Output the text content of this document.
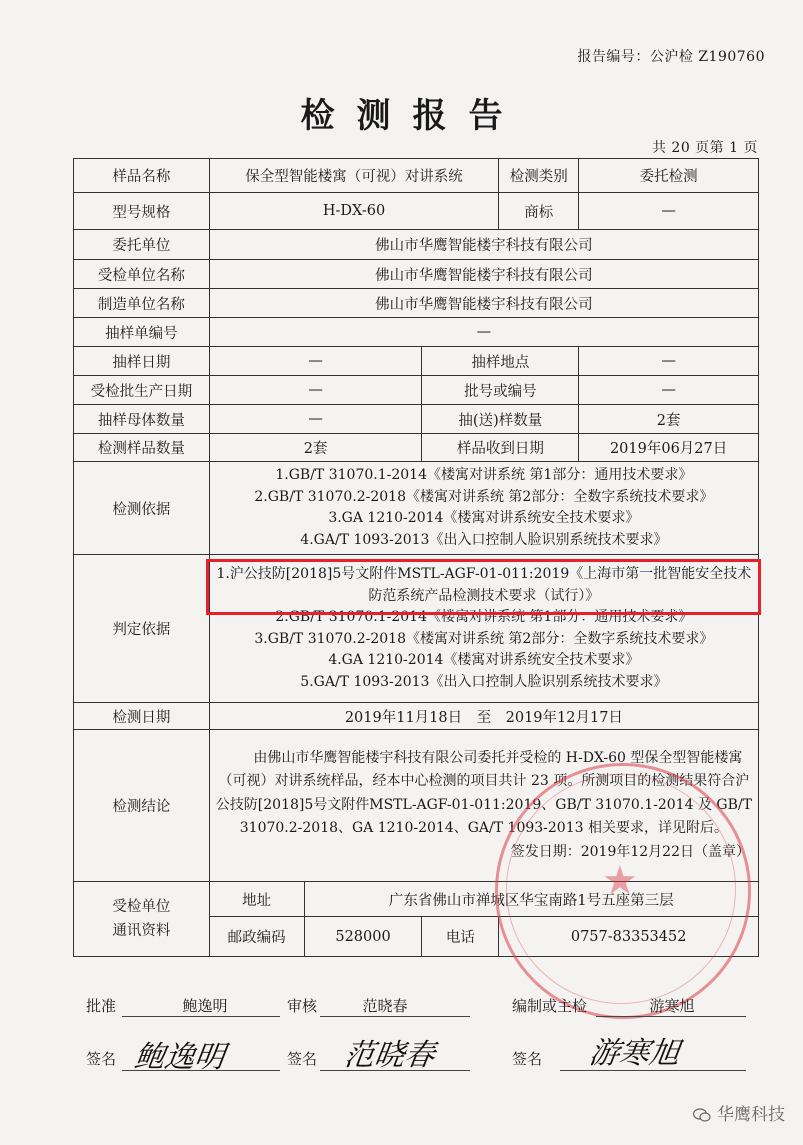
报告编号：公沪检 Z190760
检测报告
共 20 页第 1 页
样品名称	保全型智能楼寓（可视）对讲系统			检测类别	委托检测
型号规格	H-DX-60			商标	—
委托单位	佛山市华鹰智能楼宇科技有限公司				
受检单位名称	佛山市华鹰智能楼宇科技有限公司				
制造单位名称	佛山市华鹰智能楼宇科技有限公司				
抽样单编号	—				
抽样日期	—		抽样地点		—
受检批生产日期	—		批号或编号		—
抽样母体数量	—		抽(送)样数量		2套
检测样品数量	2套		样品收到日期		2019年06月27日
检测依据	1.GB/T 31070.1-2014《楼寓对讲系统 第1部分：通用技术要求》
2.GB/T 31070.2-2018《楼寓对讲系统 第2部分：全数字系统技术要求》
3.GA 1210-2014《楼寓对讲系统安全技术要求》
4.GA/T 1093-2013《出入口控制人脸识别系统技术要求》				

判定依据	1.沪公技防[2018]5号文附件MSTL-AGF-01-011:2019《上海市第一批智能安全技术防范系统产品检测技术要求（试行）》
2.GB/T 31070.1-2014《楼寓对讲系统 第1部分：通用技术要求》
3.GB/T 31070.2-2018《楼寓对讲系统 第2部分：全数字系统技术要求》
4.GA 1210-2014《楼寓对讲系统安全技术要求》
5.GA/T 1093-2013《出入口控制人脸识别系统技术要求》				

检测日期	2019年11月18日　至　2019年12月17日				
检测结论	由佛山市华鹰智能楼宇科技有限公司委托并受检的 H-DX-60 型保全型智能楼寓（可视）对讲系统样品，经本中心检测的项目共计 23 项。所测项目的检测结果符合沪公技防[2018]5号文附件MSTL-AGF-01-011:2019、GB/T 31070.1-2014 及 GB/T 31070.2-2018、GA 1210-2014、GA/T 1093-2013 相关要求，详见附后。
签发日期：2019年12月22日（盖章）				

受检单位
通讯资料	地址	广东省佛山市禅城区华宝南路1号五座第三层			
	邮政编码	528000	电话	0757-83353452	
★
批准	鲍逸明	审核	范晓春	编制或主检	游寒旭
签名 鲍逸明	签名 范晓春	签名 游寒旭
华鹰科技
